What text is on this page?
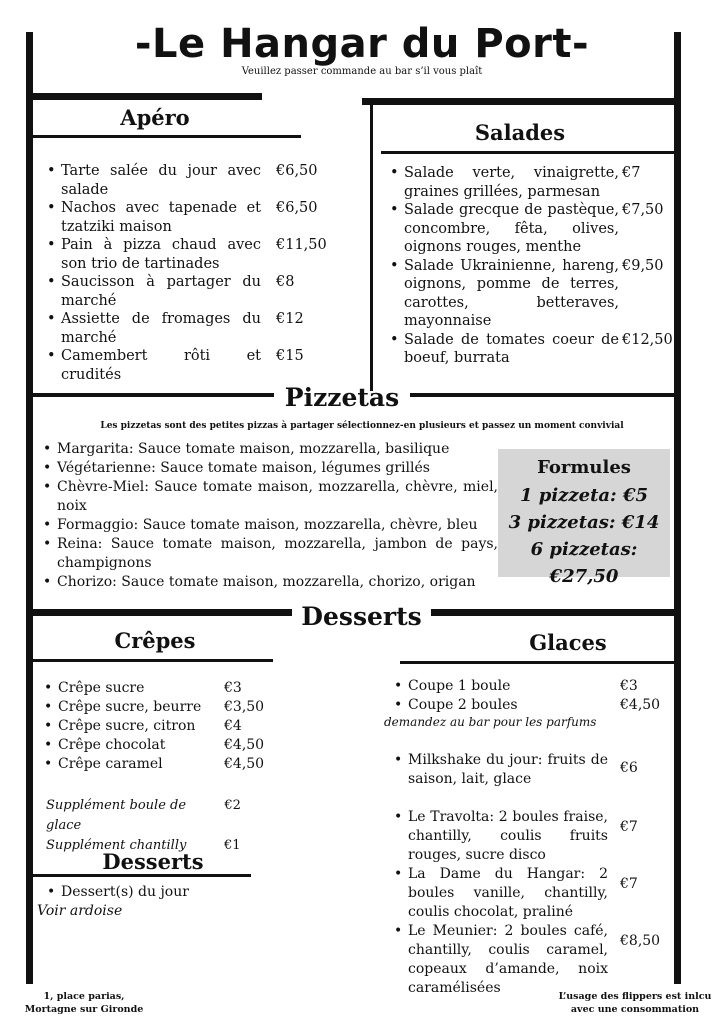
-Le Hangar du Port-
Veuillez passer commande au bar s’il vous plaît
Apéro
• Tarte salée du jour avec salade
€6,50
• Nachos avec tapenade et tzatziki maison
€6,50
• Pain à pizza chaud avec son trio de tartinades
€11,50
• Saucisson à partager du marché
€8
• Assiette de fromages du marché
€12
• Camembert rôti et crudités
€15
Salades
• Salade verte, vinaigrette, graines grillées, parmesan
€7
• Salade grecque de pastèque, concombre, fêta, olives, oignons rouges, menthe
€7,50
• Salade Ukrainienne, hareng, oignons, pomme de terres, carottes, betteraves, mayonnaise
€9,50
• Salade de tomates coeur de boeuf, burrata
€12,50
Pizzetas
Les pizzetas sont des petites pizzas à partager sélectionnez-en plusieurs et passez un moment convivial
• Margarita: Sauce tomate maison, mozzarella, basilique
• Végétarienne: Sauce tomate maison, légumes grillés
• Chèvre-Miel: Sauce tomate maison, mozzarella, chèvre, miel, noix
• Formaggio: Sauce tomate maison, mozzarella, chèvre, bleu
• Reina: Sauce tomate maison, mozzarella, jambon de pays, champignons
• Chorizo: Sauce tomate maison, mozzarella, chorizo, origan
Formules
1 pizzeta: €5
3 pizzetas: €14
6 pizzetas: €27,50
Desserts
Crêpes
• Crêpe sucre	€3
• Crêpe sucre, beurre €3,50
• Crêpe sucre, citron €4
• Crêpe chocolat	€4,50
• Crêpe caramel	€4,50
Supplément boule de glace
€2
Supplément chantilly	€1
Desserts
• Dessert(s) du jour
Voir ardoise
Glaces
• Coupe 1 boule	€3
• Coupe 2 boules	€4,50
demandez au bar pour les parfums
• Milkshake du jour: fruits de saison, lait, glace
€6
• Le Travolta: 2 boules fraise, chantilly, coulis fruits rouges, sucre disco
€7
• La Dame du Hangar: 2 boules vanille, chantilly, coulis chocolat, praliné
€7
• Le Meunier: 2 boules café, chantilly, coulis caramel, copeaux d’amande, noix caramélisées
€8,50
1, place parias,
Mortagne sur Gironde
L’usage des flippers est inlcu
avec une consommation
